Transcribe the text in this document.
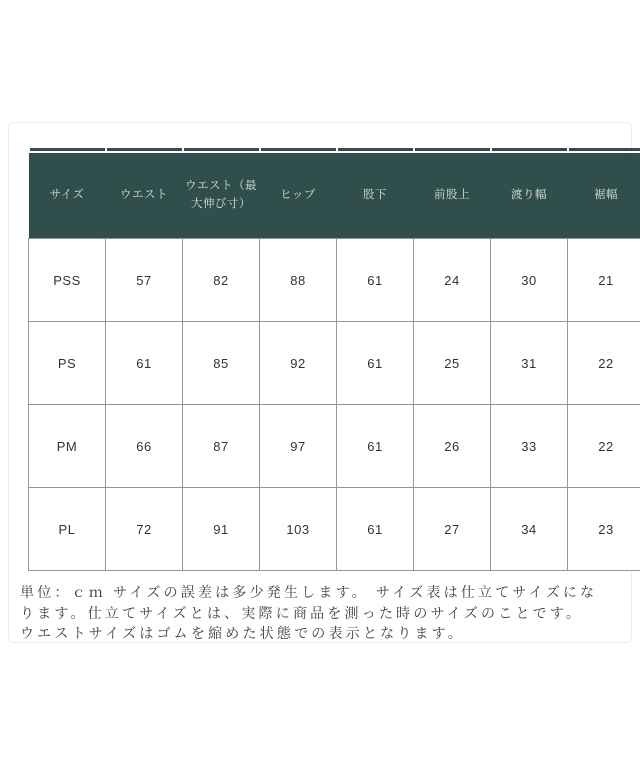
サイズ	ウエスト	ウエスト（最大伸び寸）	ヒップ	股下	前股上	渡り幅	裾幅
PSS	57	82	88	61	24	30	21
PS	61	85	92	61	25	31	22
PM	66	87	97	61	26	33	22
PL	72	91	103	61	27	34	23
単位：ｃｍ サイズの誤差は多少発生します。 サイズ表は仕立てサイズにな
ります。仕立てサイズとは、実際に商品を測った時のサイズのことです。
ウエストサイズはゴムを縮めた状態での表示となります。
